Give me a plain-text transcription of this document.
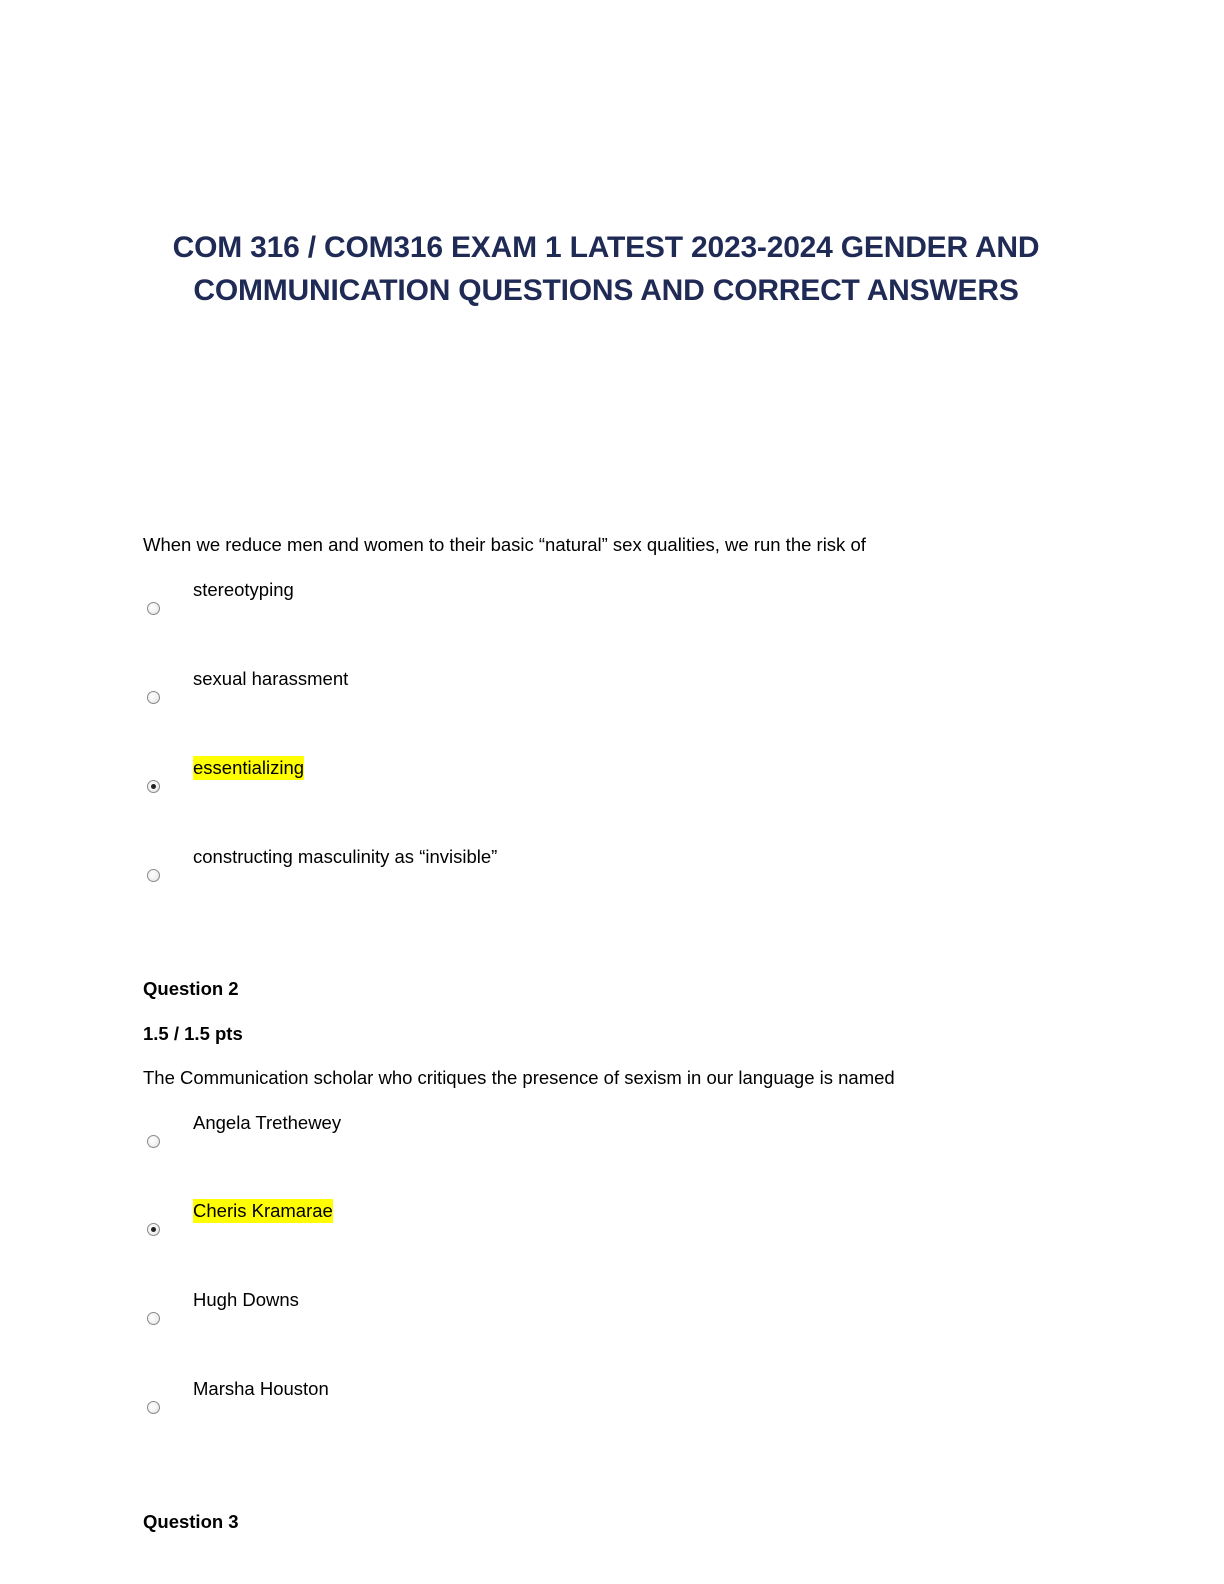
COM 316 / COM316 EXAM 1 LATEST 2023-2024 GENDER AND COMMUNICATION QUESTIONS AND CORRECT ANSWERS

When we reduce men and women to their basic “natural” sex qualities, we run the risk of

stereotyping
sexual harassment
essentializing
constructing masculinity as “invisible”

Question 2

1.5 / 1.5 pts

The Communication scholar who critiques the presence of sexism in our language is named

Angela Trethewey
Cheris Kramarae
Hugh Downs
Marsha Houston

Question 3
